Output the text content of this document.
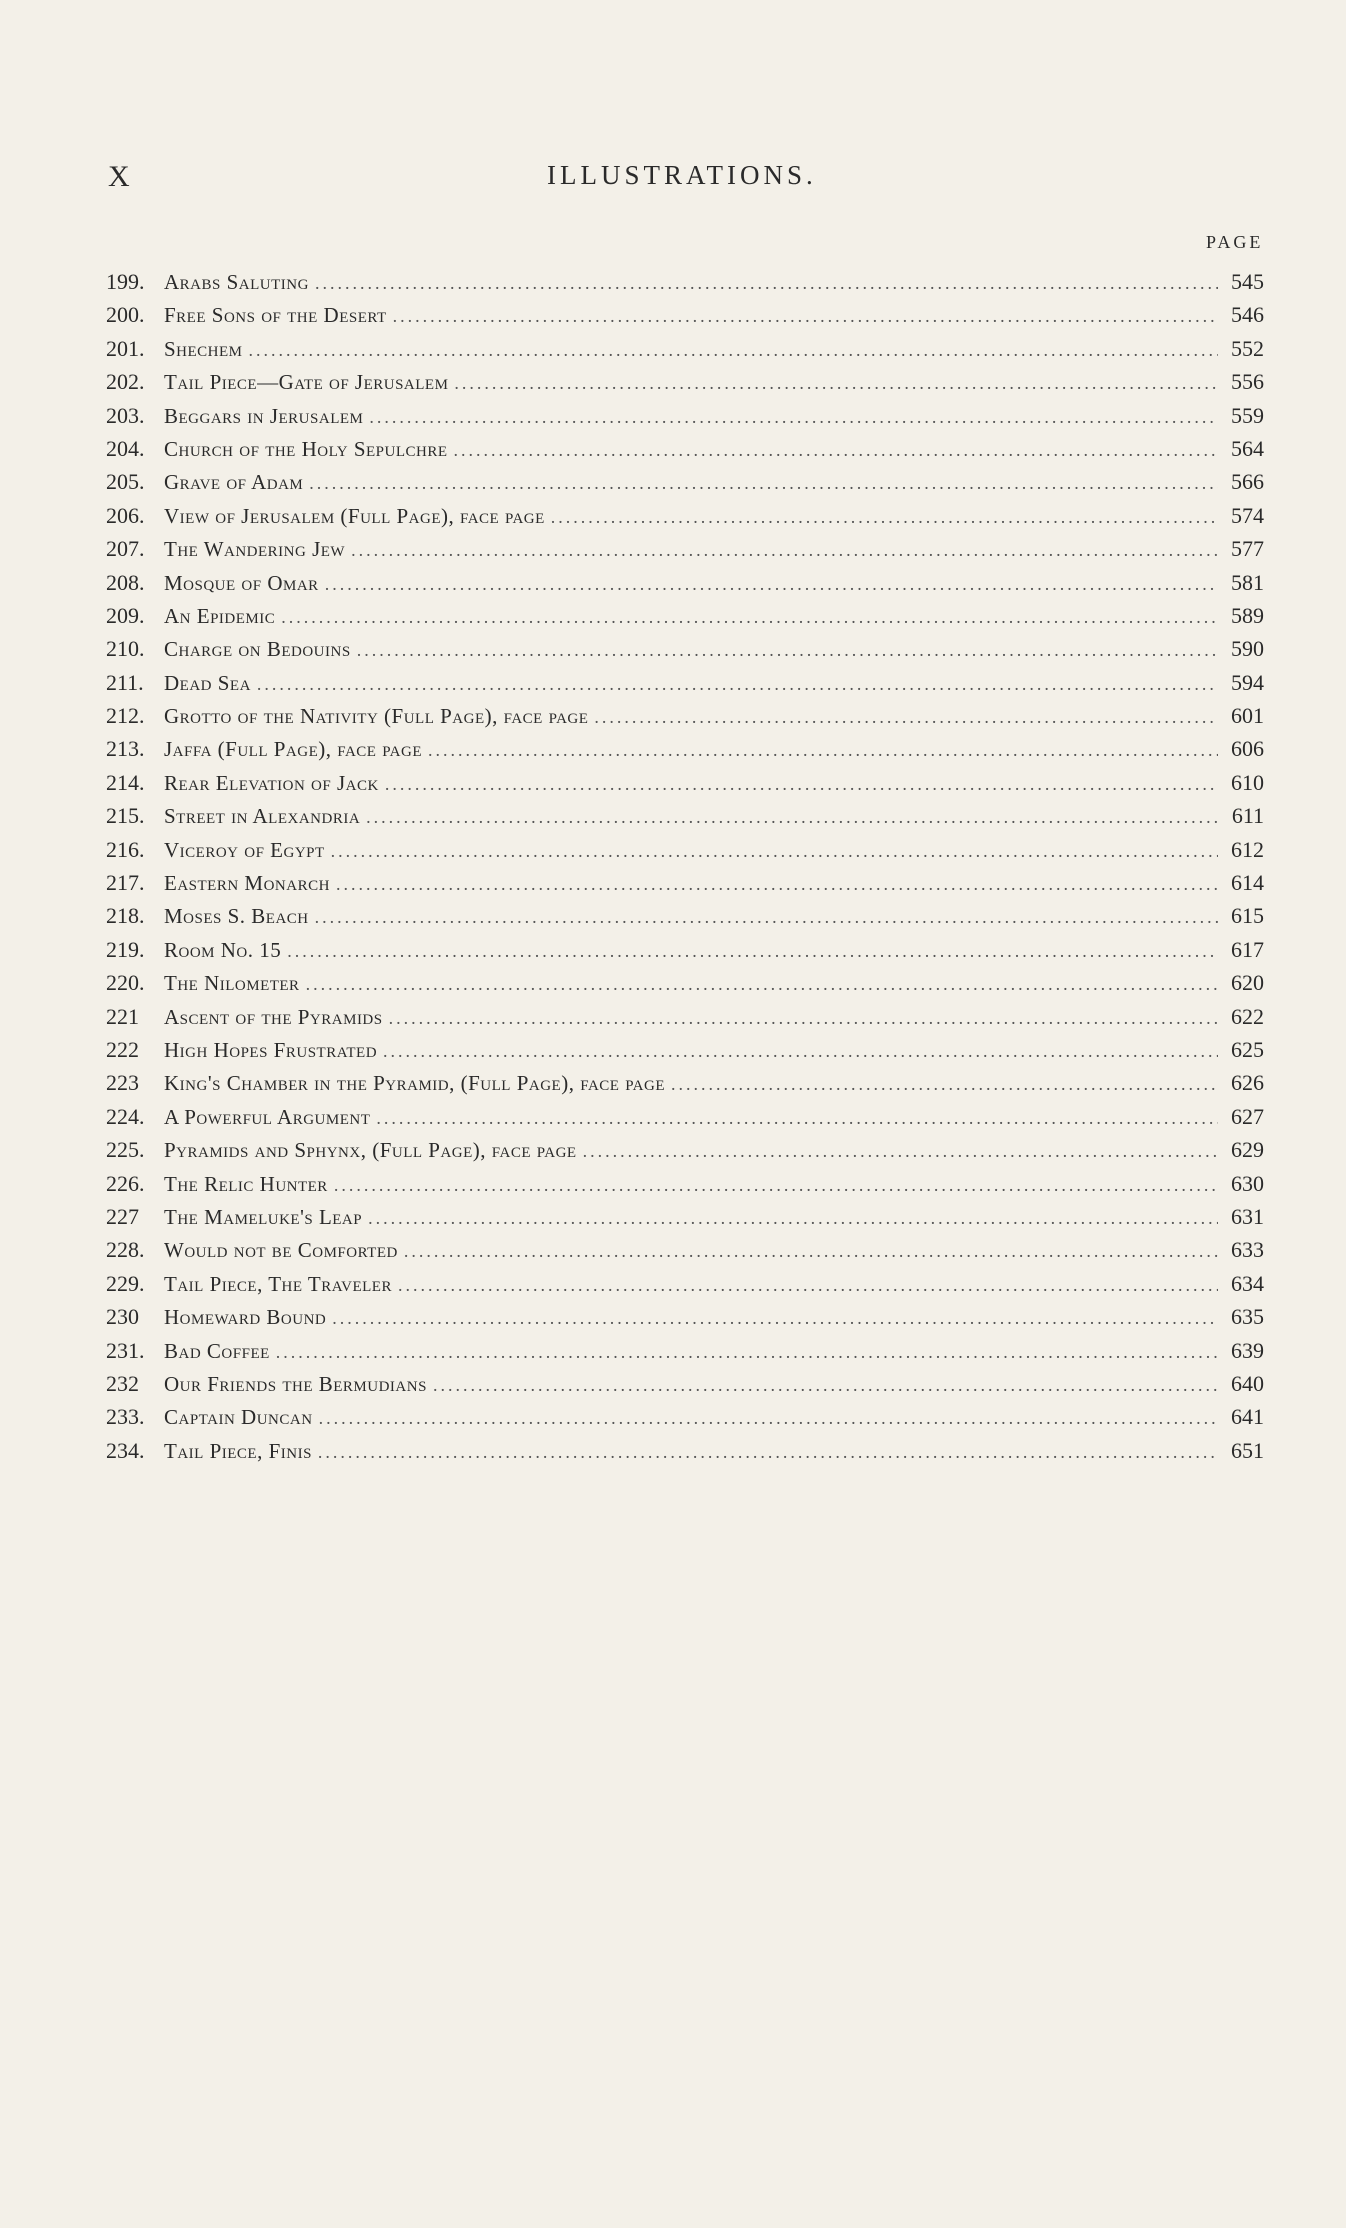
X	ILLUSTRATIONS.
PAGE
199. Arabs Saluting .....	545
200. Free Sons of the Desert .....	546
201. Shechem .....	552
202. Tail Piece—Gate of Jerusalem .....	556
203. Beggars in Jerusalem .....	559
204. Church of the Holy Sepulchre .....	564
205. Grave of Adam .....	566
206. View of Jerusalem (Full Page), face page .....	574
207. The Wandering Jew .....	577
208. Mosque of Omar .....	581
209. An Epidemic .....	589
210. Charge on Bedouins .....	590
211. Dead Sea .....	594
212. Grotto of the Nativity (Full Page), face page .....	601
213. Jaffa (Full Page), face page .....	606
214. Rear Elevation of Jack .....	610
215. Street in Alexandria .....	611
216. Viceroy of Egypt .....	612
217. Eastern Monarch .....	614
218. Moses S. Beach .....	615
219. Room No. 15 .....	617
220. The Nilometer .....	620
221	Ascent of the Pyramids .....	622
222	High Hopes Frustrated .....	625
223	King's Chamber in the Pyramid, (Full Page), face page .....	626
224. A Powerful Argument .....	627
225. Pyramids and Sphynx, (Full Page), face page .....	629
226. The Relic Hunter .....	630
227	The Mameluke's Leap .....	631
228. Would not be Comforted .....	633
229. Tail Piece, The Traveler .....	634
230	Homeward Bound .....	635
231. Bad Coffee .....	639
232	Our Friends the Bermudians .....	640
233. Captain Duncan .....	641
234. Tail Piece, Finis .....	651
